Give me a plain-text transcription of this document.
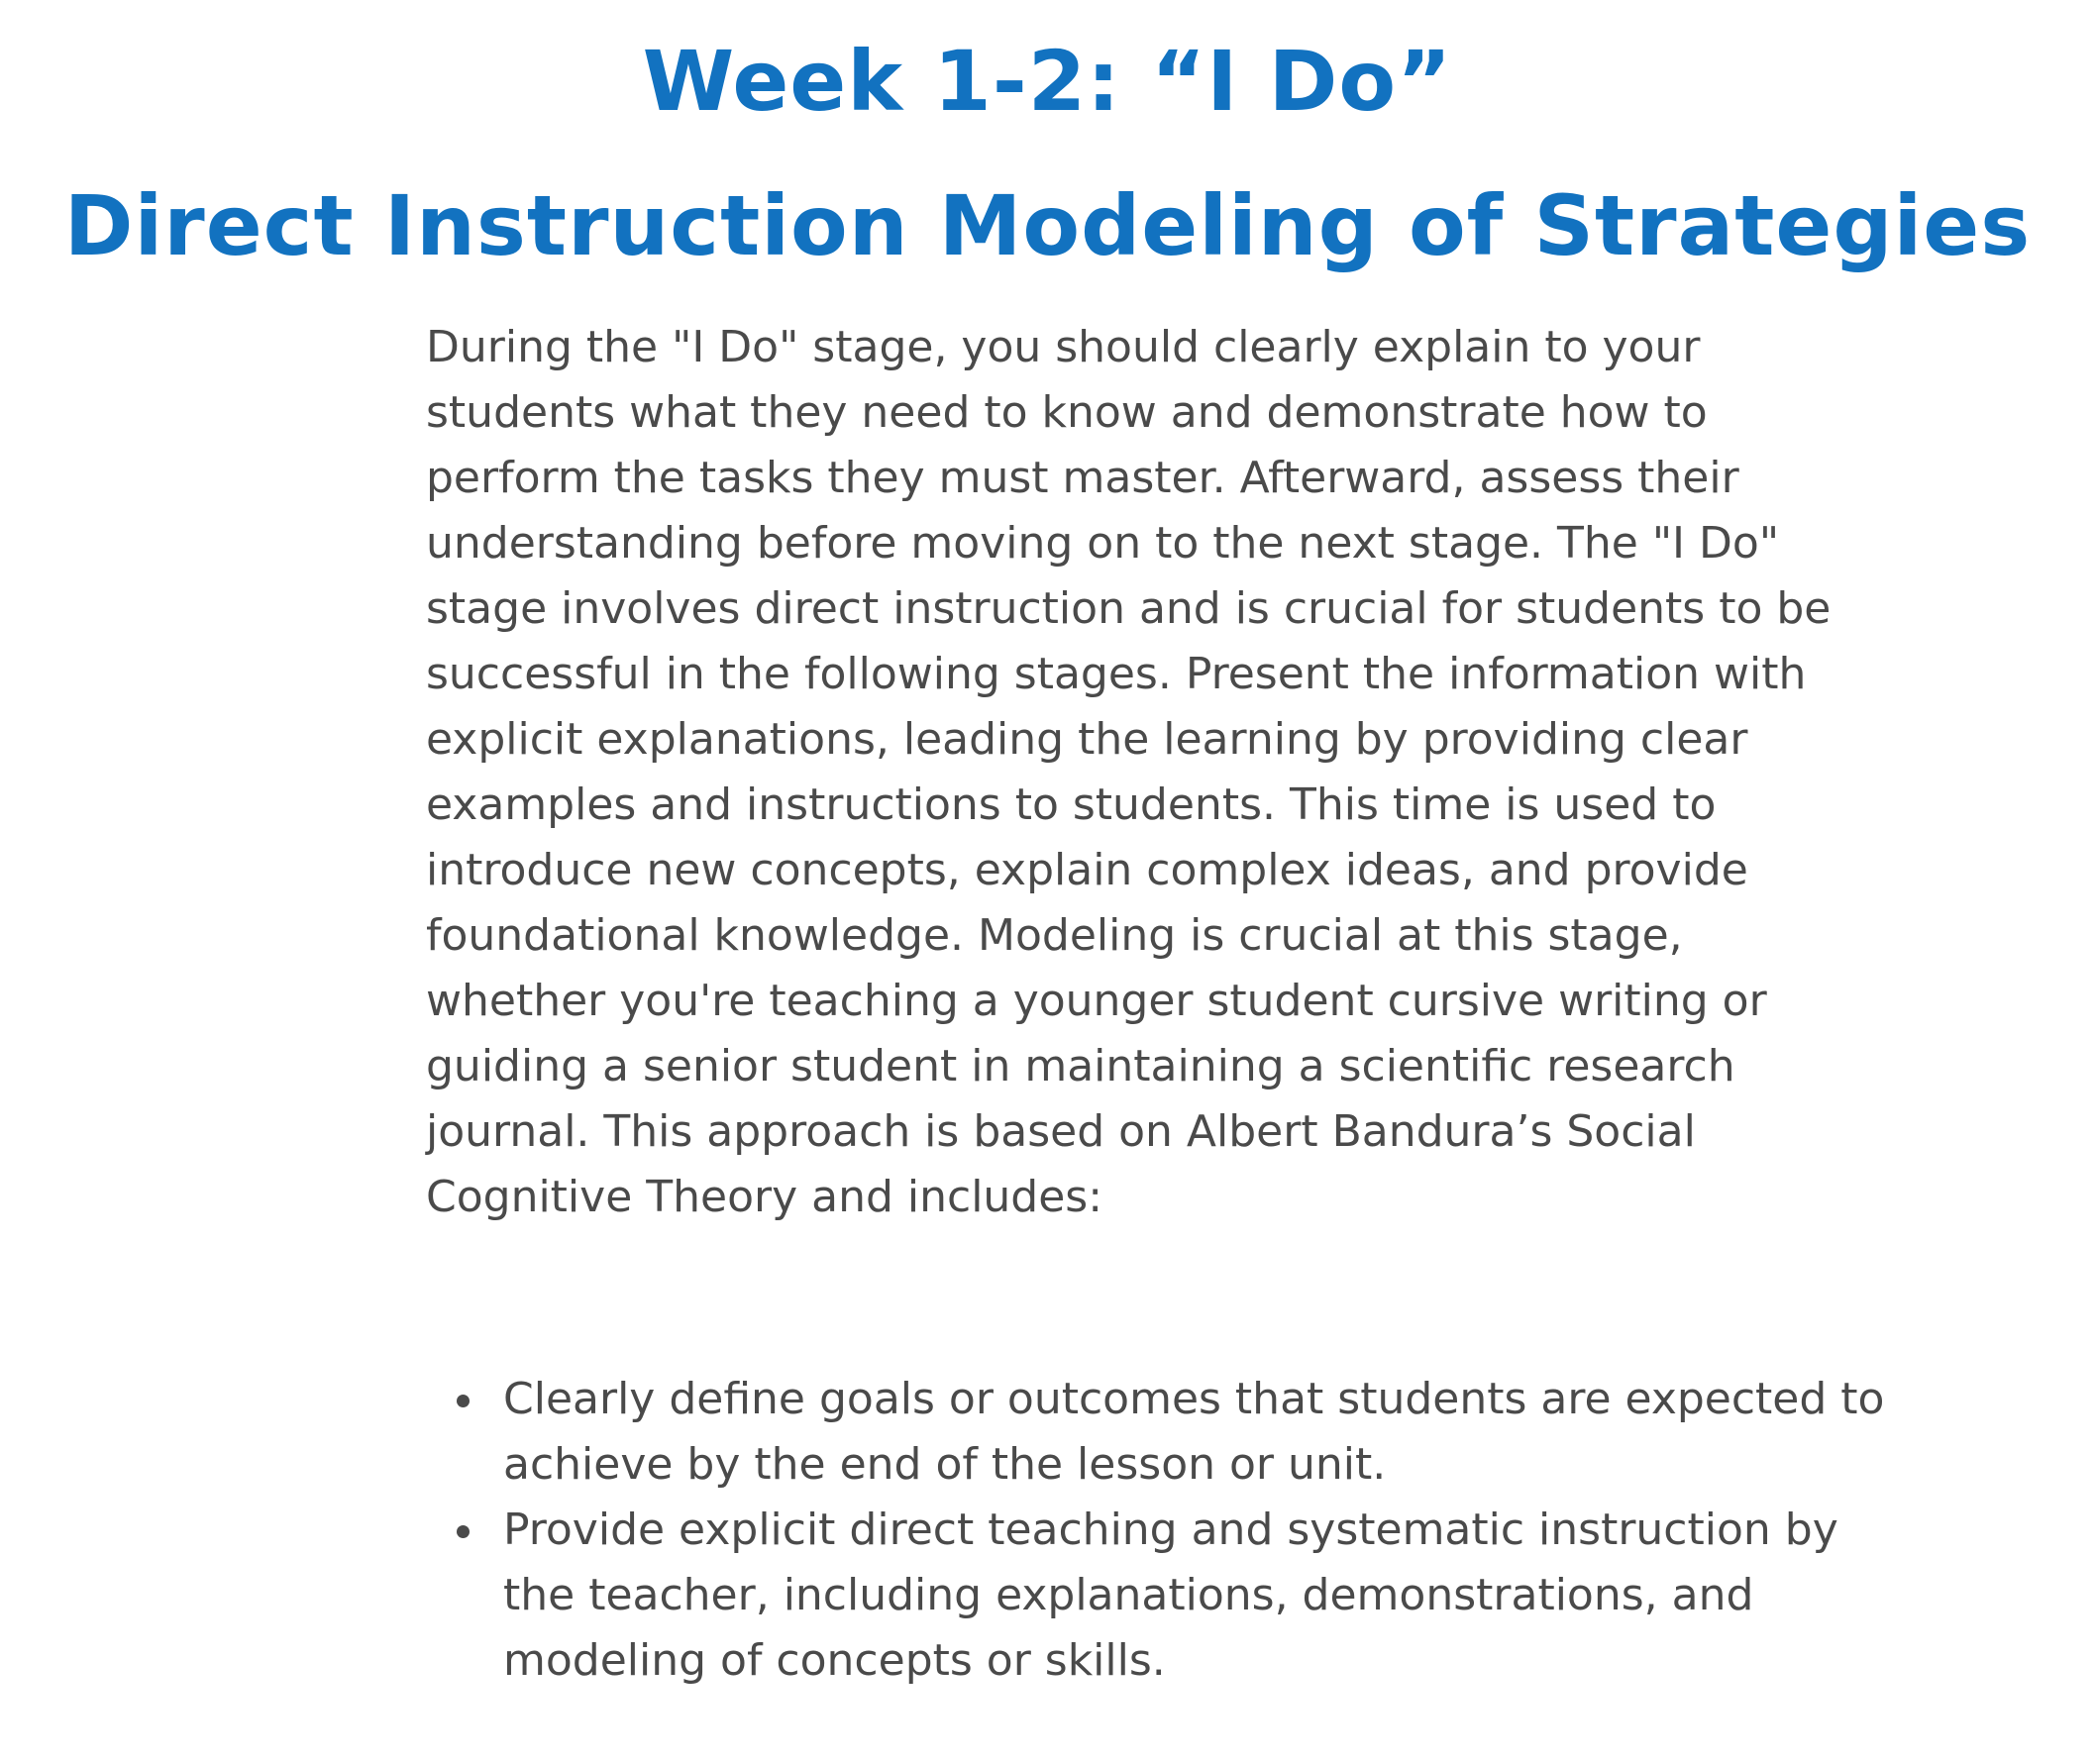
Week 1-2: “I Do”
Direct Instruction Modeling of Strategies

During the "I Do" stage, you should clearly explain to your students what they need to know and demonstrate how to perform the tasks they must master. Afterward, assess their understanding before moving on to the next stage. The "I Do" stage involves direct instruction and is crucial for students to be successful in the following stages. Present the information with explicit explanations, leading the learning by providing clear examples and instructions to students. This time is used to introduce new concepts, explain complex ideas, and provide foundational knowledge. Modeling is crucial at this stage, whether you're teaching a younger student cursive writing or guiding a senior student in maintaining a scientific research journal. This approach is based on Albert Bandura’s Social Cognitive Theory and includes:

Clearly define goals or outcomes that students are expected to achieve by the end of the lesson or unit.
Provide explicit direct teaching and systematic instruction by the teacher, including explanations, demonstrations, and modeling of concepts or skills.
